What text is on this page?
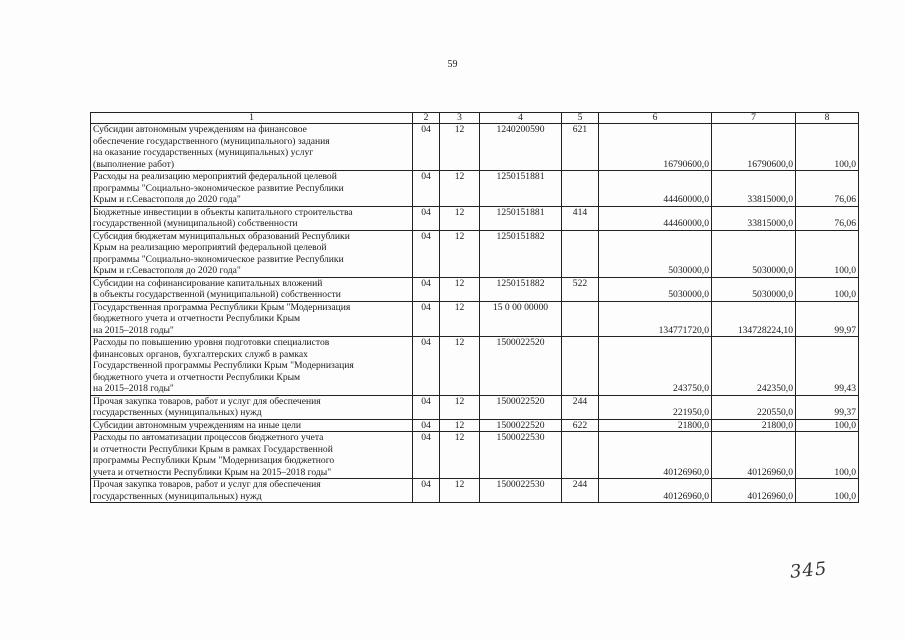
59
1	2	3	4	5	6	7	8

Субсидии автономным учреждениям на финансовое
обеспечение государственного (муниципального) задания
на оказание государственных (муниципальных) услуг
(выполнение работ)	04	12	1240200590	621	16790600,0	16790600,0	100,0

Расходы на реализацию мероприятий федеральной целевой
программы "Социально-экономическое развитие Республики
Крым и г.Севастополя до 2020 года"	04	12	1250151881		44460000,0	33815000,0	76,06

Бюджетные инвестиции в объекты капитального строительства
государственной (муниципальной) собственности	04	12	1250151881	414	44460000,0	33815000,0	76,06

Субсидия бюджетам муниципальных образований Республики
Крым на реализацию мероприятий федеральной целевой
программы "Социально-экономическое развитие Республики
Крым и г.Севастополя до 2020 года"	04	12	1250151882		5030000,0	5030000,0	100,0

Субсидии на софинансирование капитальных вложений
в объекты государственной (муниципальной) собственности	04	12	1250151882	522	5030000,0	5030000,0	100,0

Государственная программа Республики Крым "Модернизация
бюджетного учета и отчетности Республики Крым
на 2015–2018 годы"	04	12	15 0 00 00000		134771720,0	134728224,10	99,97

Расходы по повышению уровня подготовки специалистов
финансовых органов, бухгалтерских служб в рамках
Государственной программы Республики Крым "Модернизация
бюджетного учета и отчетности Республики Крым
на 2015–2018 годы"	04	12	1500022520		243750,0	242350,0	99,43

Прочая закупка товаров, работ и услуг для обеспечения
государственных (муниципальных) нужд	04	12	1500022520	244	221950,0	220550,0	99,37

Субсидии автономным учреждениям на иные цели	04	12	1500022520	622	21800,0	21800,0	100,0

Расходы по автоматизации процессов бюджетного учета
и отчетности Республики Крым в рамках Государственной
программы Республики Крым "Модернизация бюджетного
учета и отчетности Республики Крым на 2015–2018 годы"	04	12	1500022530		40126960,0	40126960,0	100,0

Прочая закупка товаров, работ и услуг для обеспечения
государственных (муниципальных) нужд	04	12	1500022530	244	40126960,0	40126960,0	100,0
345
